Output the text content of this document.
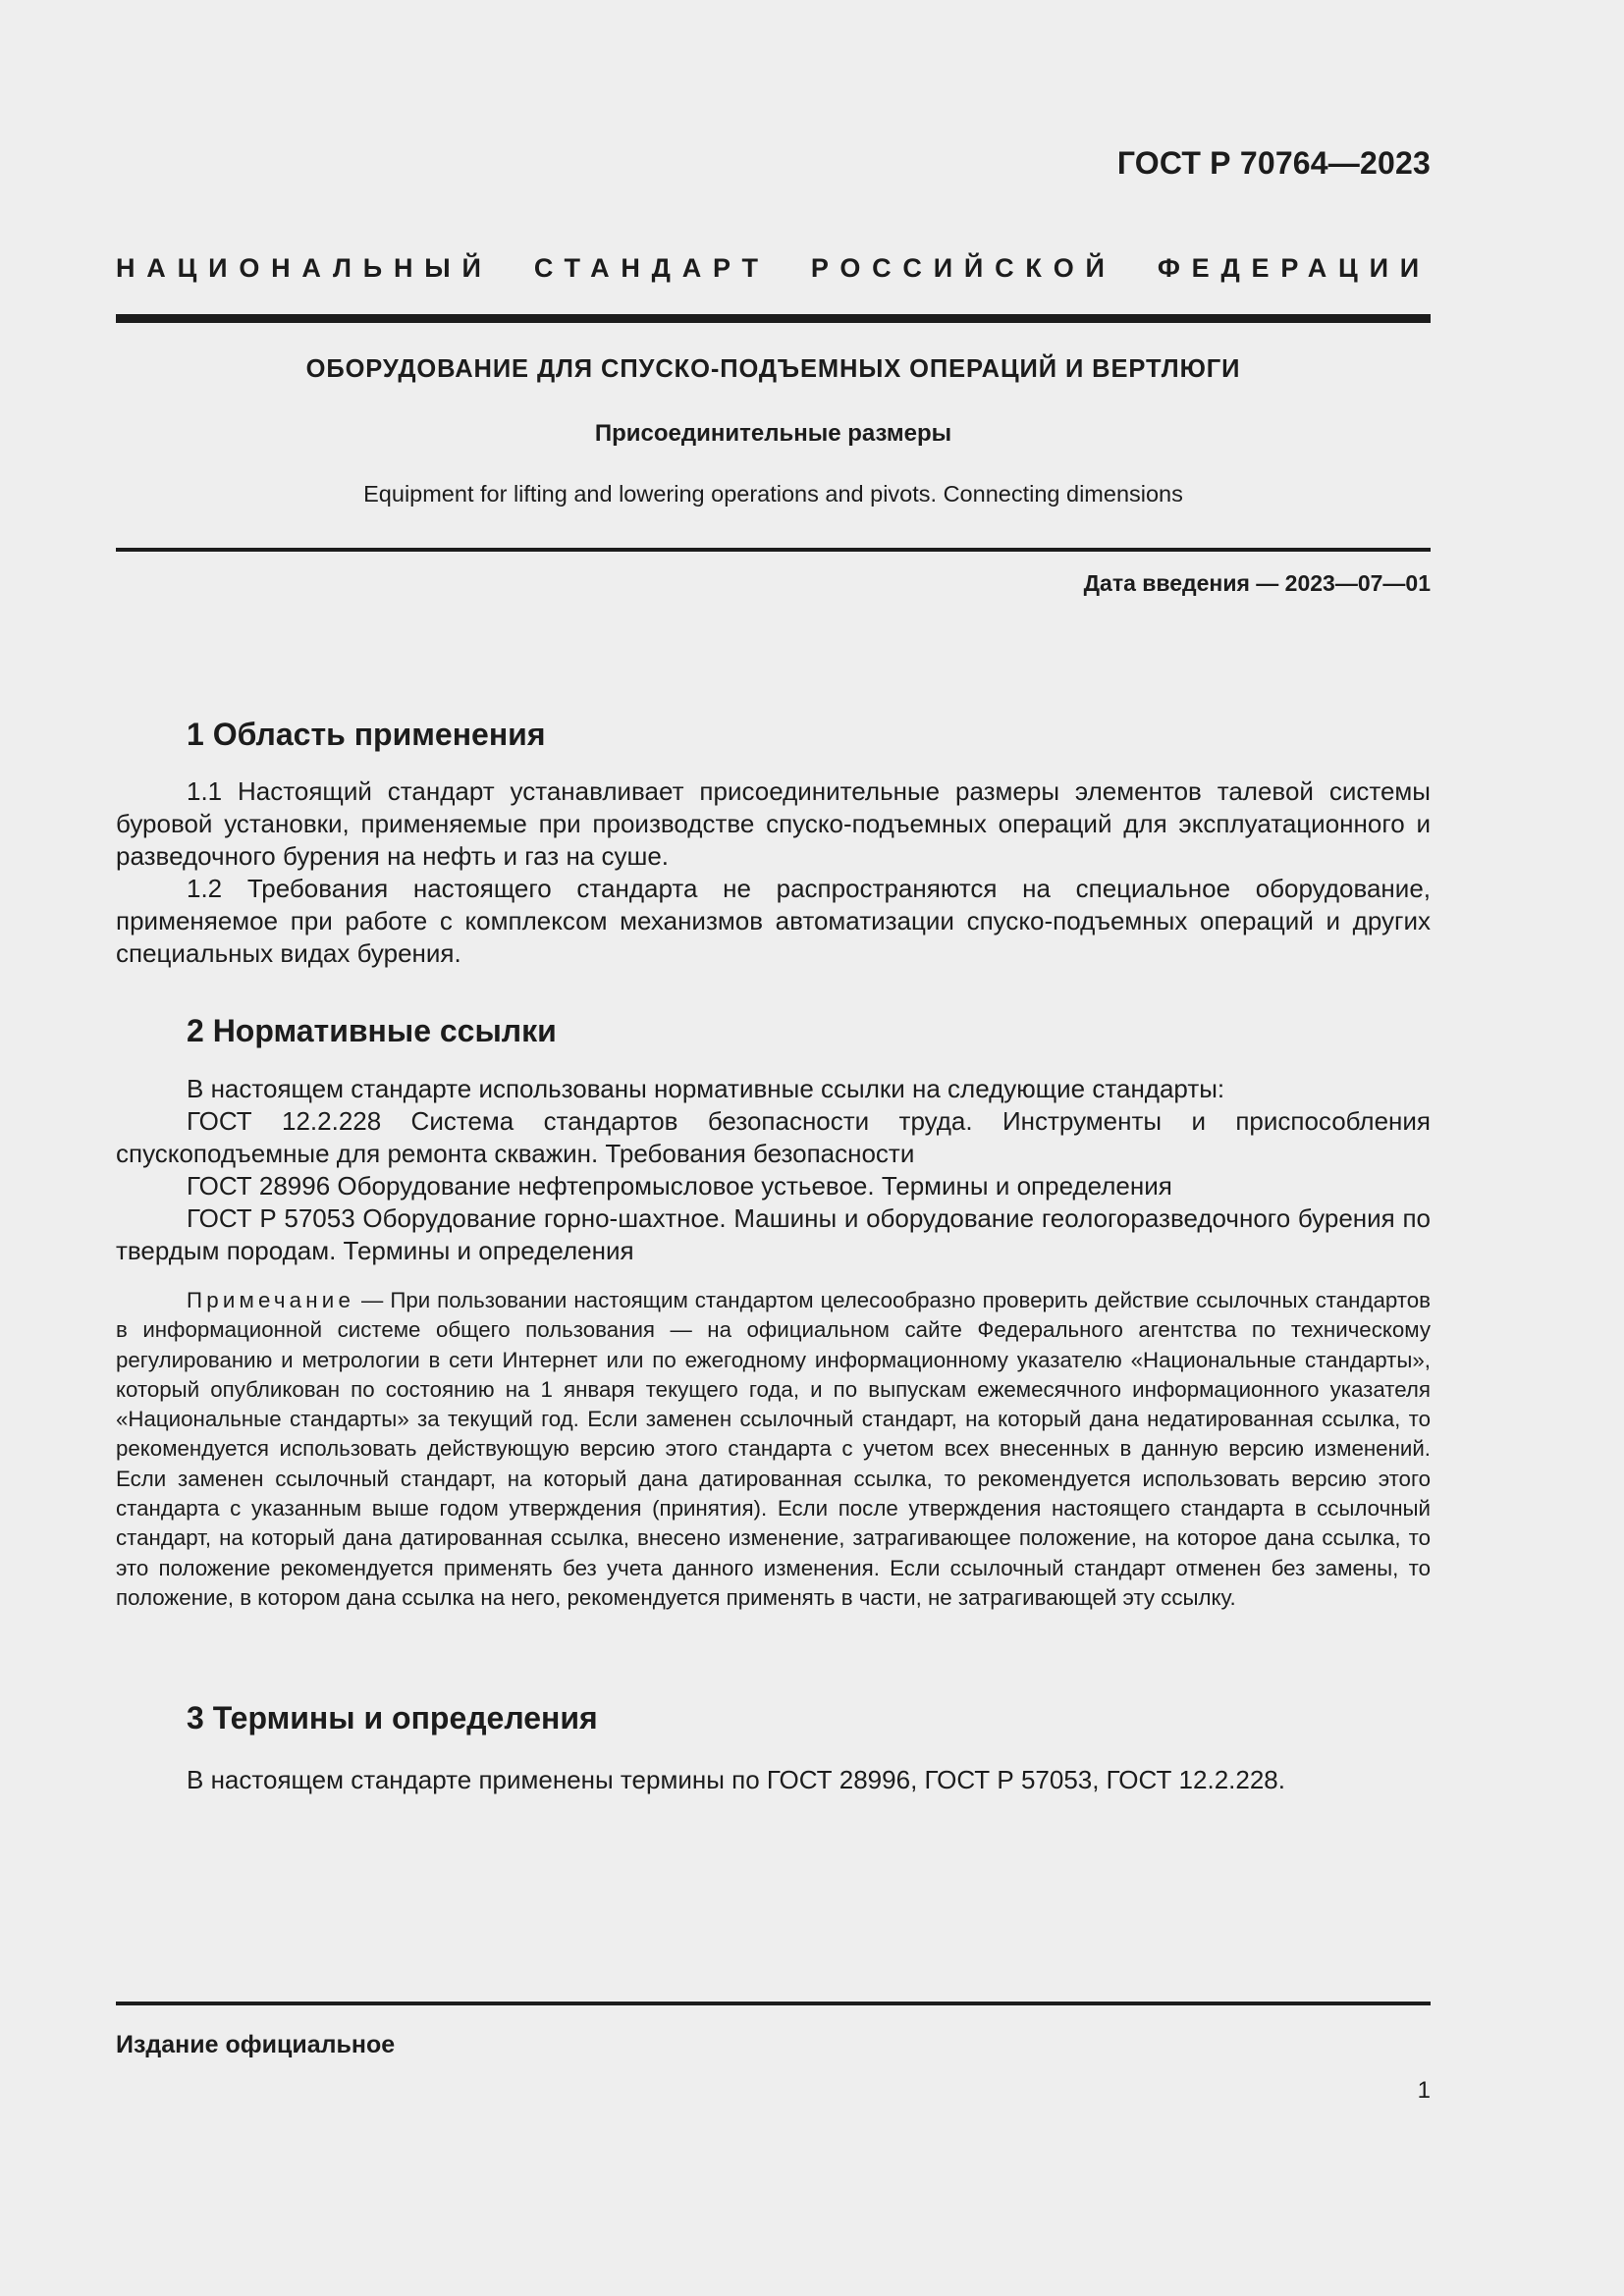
ГОСТ Р 70764—2023
НАЦИОНАЛЬНЫЙ СТАНДАРТ РОССИЙСКОЙ ФЕДЕРАЦИИ
ОБОРУДОВАНИЕ ДЛЯ СПУСКО-ПОДЪЕМНЫХ ОПЕРАЦИЙ И ВЕРТЛЮГИ
Присоединительные размеры
Equipment for lifting and lowering operations and pivots. Connecting dimensions
Дата введения — 2023—07—01
1 Область применения

1.1 Настоящий стандарт устанавливает присоединительные размеры элементов талевой системы буровой установки, применяемые при производстве спуско-подъемных операций для эксплуатационного и разведочного бурения на нефть и газ на суше.

1.2 Требования настоящего стандарта не распространяются на специальное оборудование, применяемое при работе с комплексом механизмов автоматизации спуско-подъемных операций и других специальных видах бурения.

2 Нормативные ссылки

В настоящем стандарте использованы нормативные ссылки на следующие стандарты:

ГОСТ 12.2.228 Система стандартов безопасности труда. Инструменты и приспособления спускоподъемные для ремонта скважин. Требования безопасности

ГОСТ 28996 Оборудование нефтепромысловое устьевое. Термины и определения

ГОСТ Р 57053 Оборудование горно-шахтное. Машины и оборудование геологоразведочного бурения по твердым породам. Термины и определения

Примечание — При пользовании настоящим стандартом целесообразно проверить действие ссылочных стандартов в информационной системе общего пользования — на официальном сайте Федерального агентства по техническому регулированию и метрологии в сети Интернет или по ежегодному информационному указателю «Национальные стандарты», который опубликован по состоянию на 1 января текущего года, и по выпускам ежемесячного информационного указателя «Национальные стандарты» за текущий год. Если заменен ссылочный стандарт, на который дана недатированная ссылка, то рекомендуется использовать действующую версию этого стандарта с учетом всех внесенных в данную версию изменений. Если заменен ссылочный стандарт, на который дана датированная ссылка, то рекомендуется использовать версию этого стандарта с указанным выше годом утверждения (принятия). Если после утверждения настоящего стандарта в ссылочный стандарт, на который дана датированная ссылка, внесено изменение, затрагивающее положение, на которое дана ссылка, то это положение рекомендуется применять без учета данного изменения. Если ссылочный стандарт отменен без замены, то положение, в котором дана ссылка на него, рекомендуется применять в части, не затрагивающей эту ссылку.

3 Термины и определения

В настоящем стандарте применены термины по ГОСТ 28996, ГОСТ Р 57053, ГОСТ 12.2.228.

Издание официальное
1
